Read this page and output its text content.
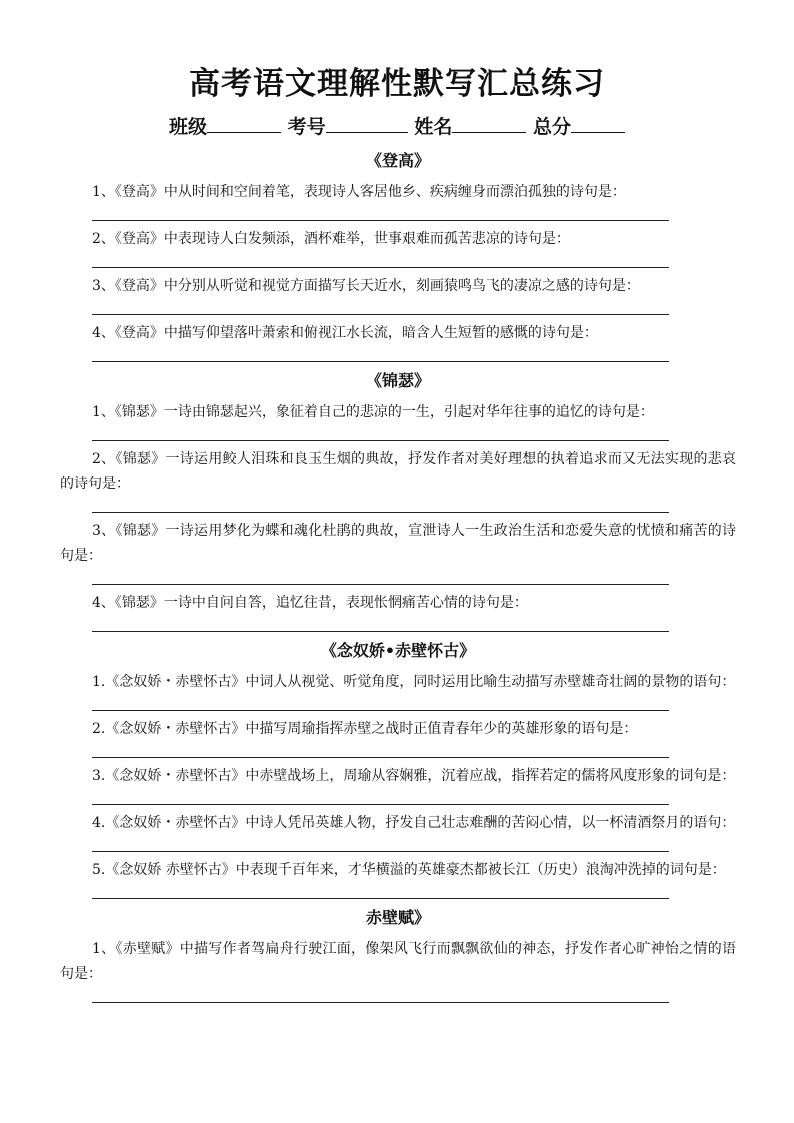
高考语文理解性默写汇总练习
班级	考号	姓名	总分
《登高》

1、《登高》中从时间和空间着笔，表现诗人客居他乡、疾病缠身而漂泊孤独的诗句是：

2、《登高》中表现诗人白发频添，酒杯难举，世事艰难而孤苦悲凉的诗句是：

3、《登高》中分别从听觉和视觉方面描写长天近水，刻画猿鸣鸟飞的凄凉之感的诗句是：

4、《登高》中描写仰望落叶萧索和俯视江水长流，暗含人生短暂的感慨的诗句是：

《锦瑟》

1、《锦瑟》一诗由锦瑟起兴，象征着自己的悲凉的一生，引起对华年往事的追忆的诗句是：

2、《锦瑟》一诗运用鲛人泪珠和良玉生烟的典故，抒发作者对美好理想的执着追求而又无法实现的悲哀的诗句是：

3、《锦瑟》一诗运用梦化为蝶和魂化杜鹃的典故，宣泄诗人一生政治生活和恋爱失意的忧愤和痛苦的诗句是：

4、《锦瑟》一诗中自问自答，追忆往昔，表现怅惘痛苦心情的诗句是：

《念奴娇•赤壁怀古》

1.《念奴娇・赤壁怀古》中词人从视觉、听觉角度，同时运用比喻生动描写赤壁雄奇壮阔的景物的语句：

2.《念奴娇・赤壁怀古》中描写周瑜指挥赤壁之战时正值青春年少的英雄形象的语句是：

3.《念奴娇・赤壁怀古》中赤壁战场上，周瑜从容娴雅，沉着应战，指挥若定的儒将风度形象的词句是：

4.《念奴娇・赤壁怀古》中诗人凭吊英雄人物，抒发自己壮志难酬的苦闷心情，以一杯清酒祭月的语句：

5.《念奴娇 赤壁怀古》中表现千百年来，才华横溢的英雄豪杰都被长江（历史）浪淘冲洗掉的词句是：

赤壁赋》

1、《赤壁赋》中描写作者驾扁舟行驶江面，像架风飞行而飘飘欲仙的神态，抒发作者心旷神怡之情的语句是：
